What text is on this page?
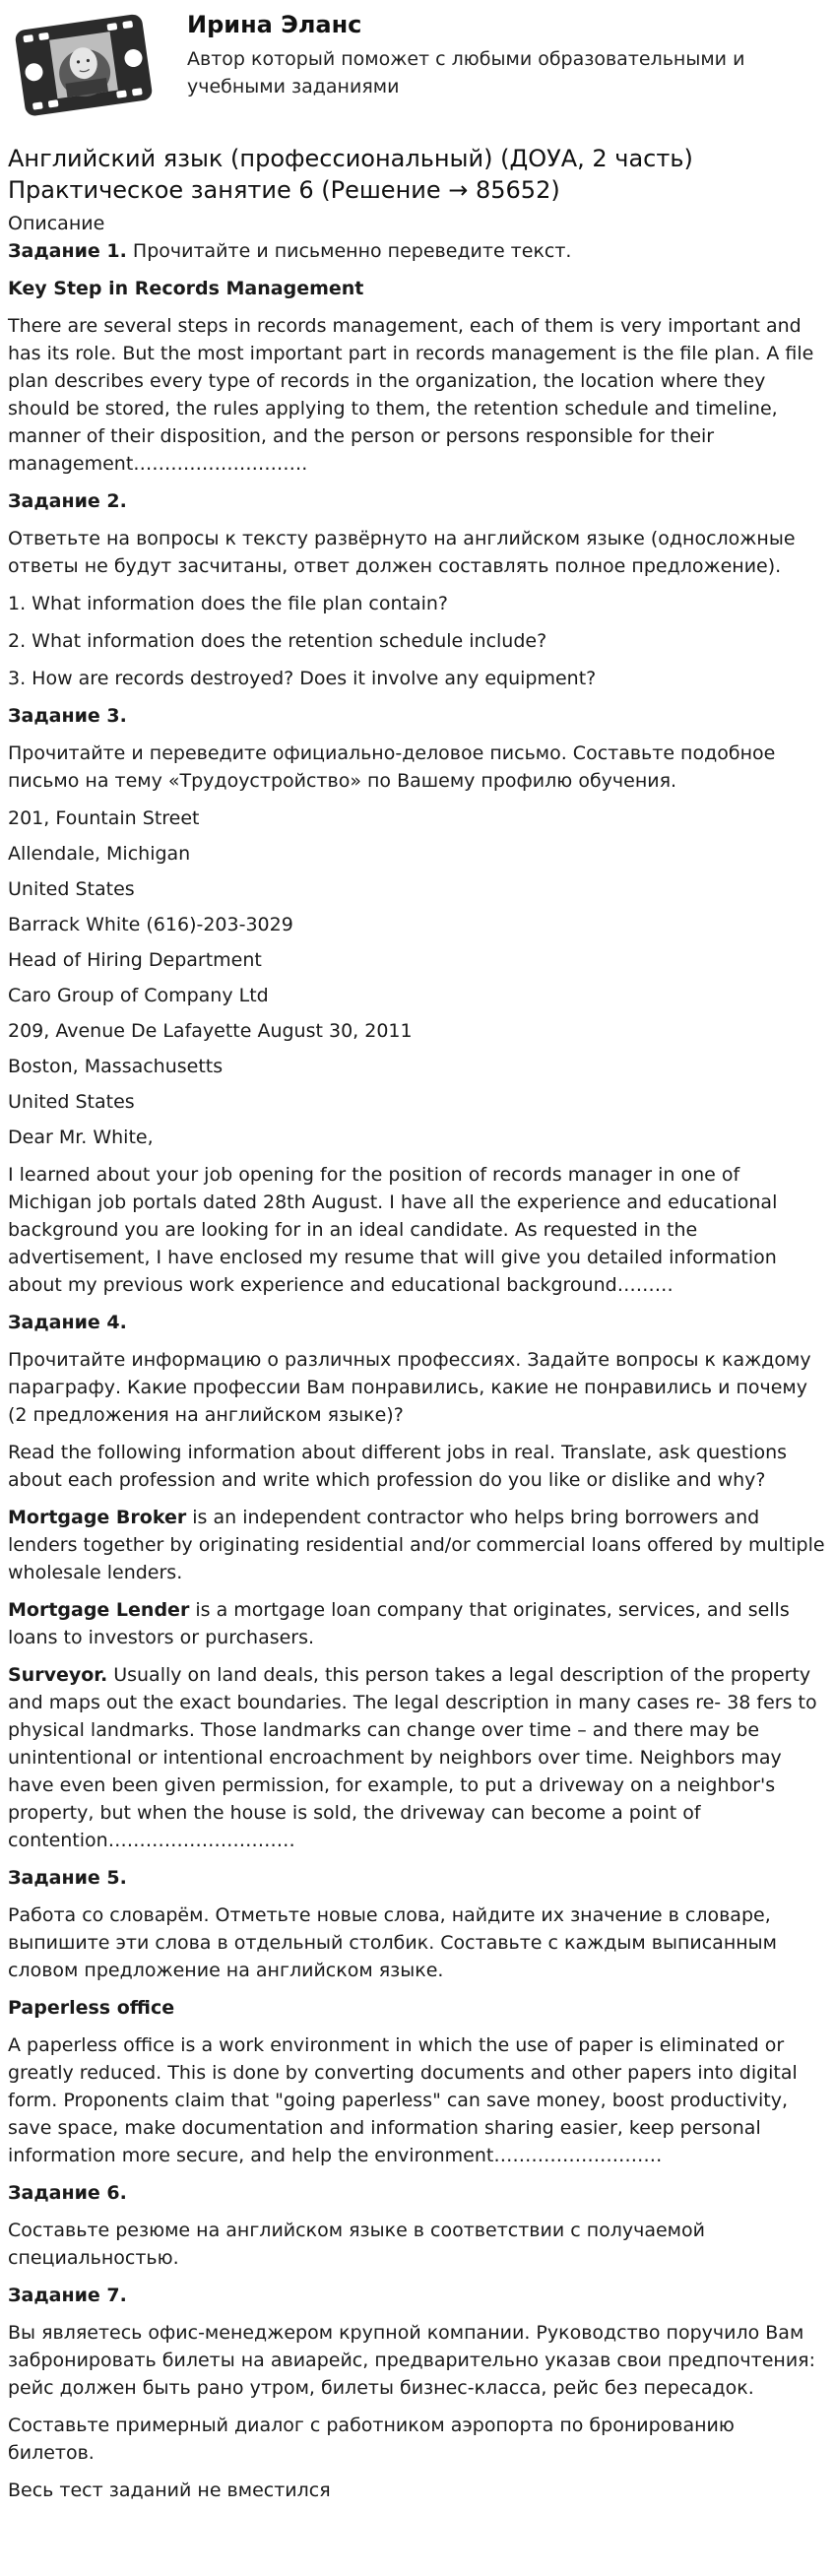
Ирина Эланс
Автор который поможет с любыми образовательными и учебными заданиями
Английский язык (профессиональный) (ДОУА, 2 часть)
Практическое занятие 6 (Решение → 85652)
Описание

Задание 1. Прочитайте и письменно переведите текст.

Key Step in Records Management

There are several steps in records management, each of them is very important and has its role. But the most important part in records management is the file plan. A file plan describes every type of records in the organization, the location where they should be stored, the rules applying to them, the retention schedule and timeline, manner of their disposition, and the person or persons responsible for their management……………………….

Задание 2.

Ответьте на вопросы к тексту развёрнуто на английском языке (односложные ответы не будут засчитаны, ответ должен составлять полное предложение).

1. What information does the file plan contain?

2. What information does the retention schedule include?

3. How are records destroyed? Does it involve any equipment?

Задание 3.

Прочитайте и переведите официально-деловое письмо. Составьте подобное письмо на тему «Трудоустройство» по Вашему профилю обучения.

201, Fountain Street

Allendale, Michigan

United States

Barrack White (616)-203-3029

Head of Hiring Department

Caro Group of Company Ltd

209, Avenue De Lafayette August 30, 2011

Boston, Massachusetts

United States

Dear Mr. White,

I learned about your job opening for the position of records manager in one of Michigan job portals dated 28th August. I have all the experience and educational background you are looking for in an ideal candidate. As requested in the advertisement, I have enclosed my resume that will give you detailed information about my previous work experience and educational background………

Задание 4.

Прочитайте информацию о различных профессиях. Задайте вопросы к каждому параграфу. Какие профессии Вам понравились, какие не понравились и почему (2 предложения на английском языке)?

Read the following information about different jobs in real. Translate, ask questions about each profession and write which profession do you like or dislike and why?

Mortgage Broker is an independent contractor who helps bring borrowers and lenders together by originating residential and/or commercial loans offered by multiple wholesale lenders.

Mortgage Lender is a mortgage loan company that originates, services, and sells loans to investors or purchasers.

Surveyor. Usually on land deals, this person takes a legal description of the property and maps out the exact boundaries. The legal description in many cases re- 38 fers to physical landmarks. Those landmarks can change over time – and there may be unintentional or intentional encroachment by neighbors over time. Neighbors may have even been given permission, for example, to put a driveway on a neighbor's property, but when the house is sold, the driveway can become a point of contention…………………………

Задание 5.

Работа со словарём. Отметьте новые слова, найдите их значение в словаре, выпишите эти слова в отдельный столбик. Составьте с каждым выписанным словом предложение на английском языке.

Paperless office

A paperless office is a work environment in which the use of paper is eliminated or greatly reduced. This is done by converting documents and other papers into digital form. Proponents claim that "going paperless" can save money, boost productivity, save space, make documentation and information sharing easier, keep personal information more secure, and help the environment………………………

Задание 6.

Составьте резюме на английском языке в соответствии с получаемой специальностью.

Задание 7.

Вы являетесь офис-менеджером крупной компании. Руководство поручило Вам забронировать билеты на авиарейс, предварительно указав свои предпочтения: рейс должен быть рано утром, билеты бизнес-класса, рейс без пересадок.

Составьте примерный диалог с работником аэропорта по бронированию билетов.

Весь тест заданий не вместился
